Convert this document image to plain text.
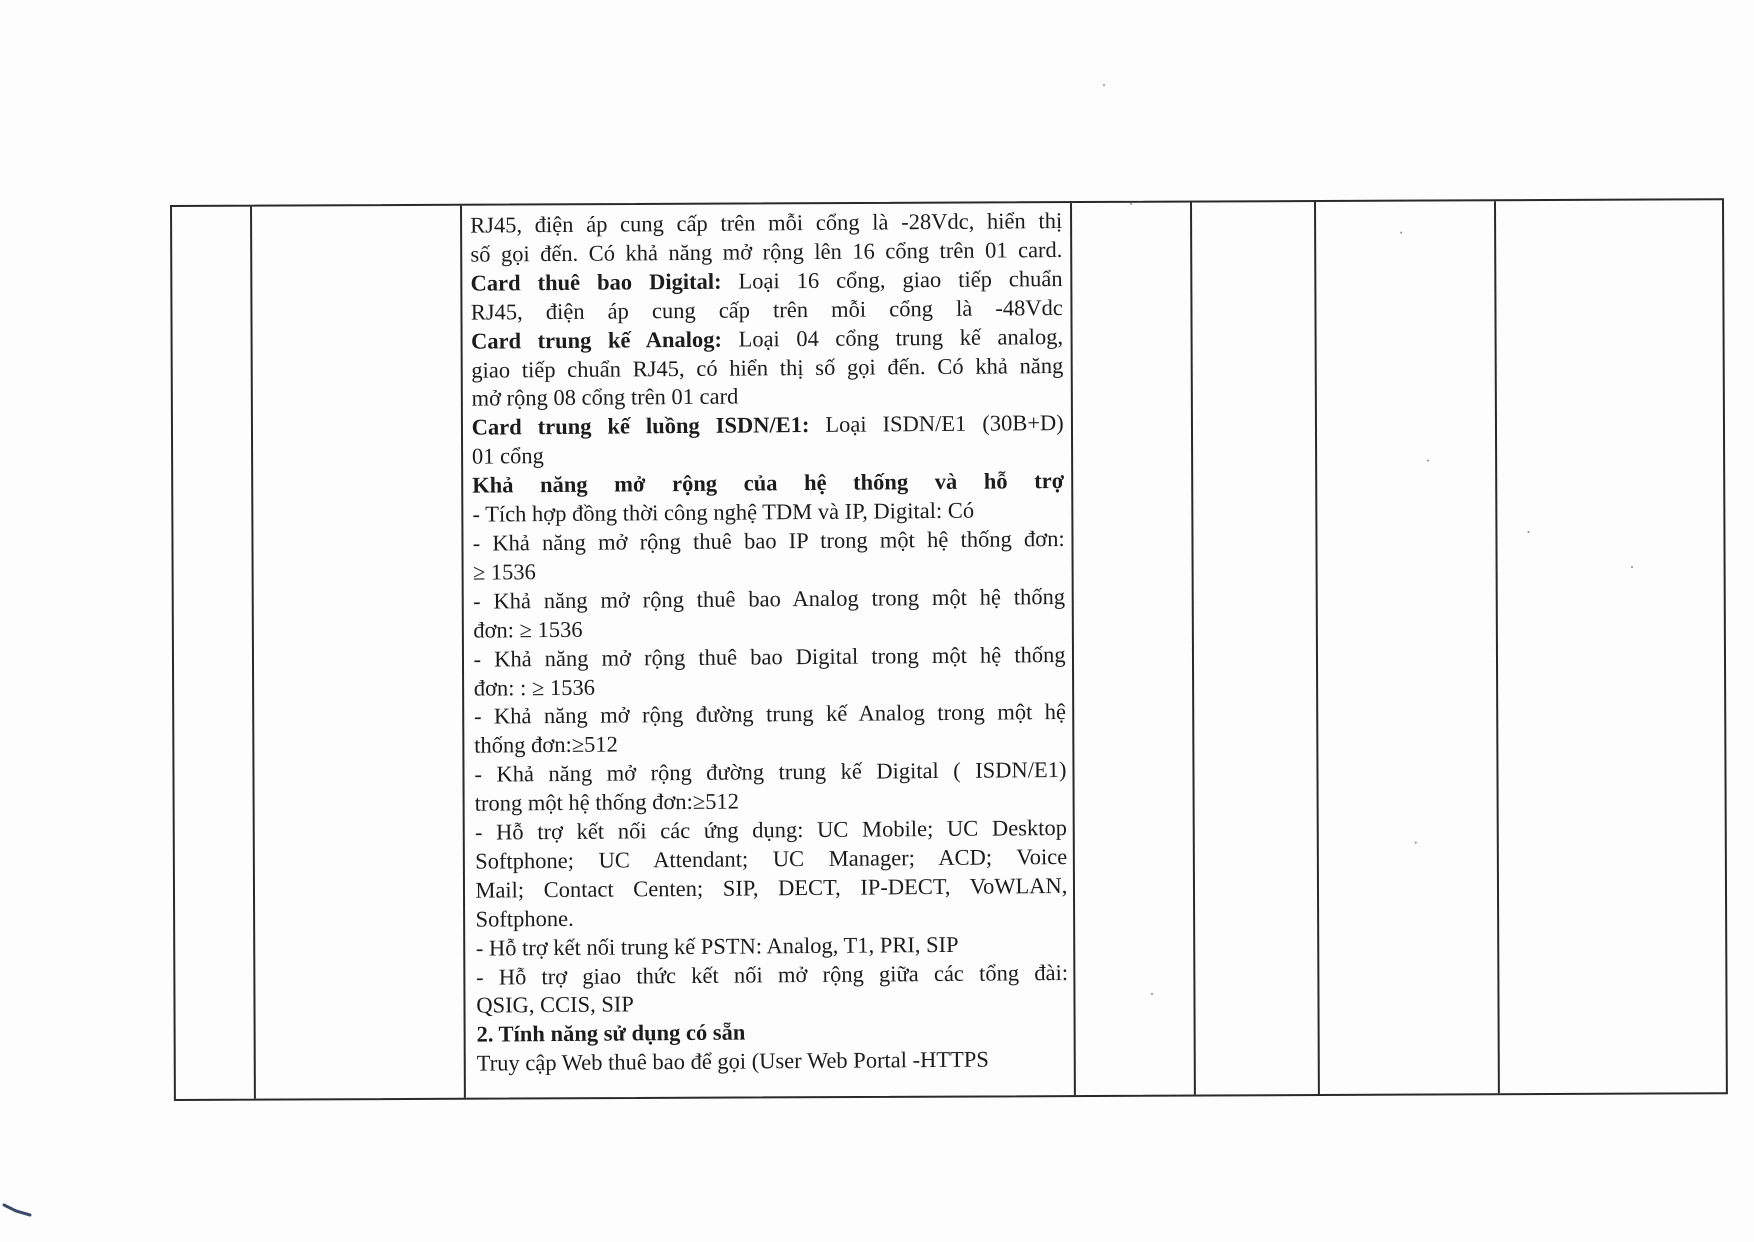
RJ45, điện áp cung cấp trên mỗi cổng là -28Vdc, hiển thị
số gọi đến. Có khả năng mở rộng lên 16 cổng trên 01 card.
Card thuê bao Digital: Loại 16 cổng, giao tiếp chuẩn
RJ45, điện áp cung cấp trên mỗi cổng là -48Vdc
Card trung kế Analog: Loại 04 cổng trung kế analog,
giao tiếp chuẩn RJ45, có hiển thị số gọi đến. Có khả năng
mở rộng 08 cổng trên 01 card
Card trung kế luồng ISDN/E1: Loại ISDN/E1 (30B+D)
01 cổng
Khả năng mở rộng của hệ thống và hỗ trợ
- Tích hợp đồng thời công nghệ TDM và IP, Digital: Có
- Khả năng mở rộng thuê bao IP trong một hệ thống đơn:
≥ 1536
- Khả năng mở rộng thuê bao Analog trong một hệ thống
đơn: ≥ 1536
- Khả năng mở rộng thuê bao Digital trong một hệ thống
đơn: : ≥ 1536
- Khả năng mở rộng đường trung kế Analog trong một hệ
thống đơn:≥512
- Khả năng mở rộng đường trung kế Digital ( ISDN/E1)
trong một hệ thống đơn:≥512
- Hỗ trợ kết nối các ứng dụng: UC Mobile; UC Desktop
Softphone; UC Attendant; UC Manager; ACD; Voice
Mail; Contact Centen; SIP, DECT, IP-DECT, VoWLAN,
Softphone.
- Hỗ trợ kết nối trung kế PSTN: Analog, T1, PRI, SIP
- Hỗ trợ giao thức kết nối mở rộng giữa các tổng đài:
QSIG, CCIS, SIP
2. Tính năng sử dụng có sẵn
Truy cập Web thuê bao để gọi (User Web Portal -HTTPS
